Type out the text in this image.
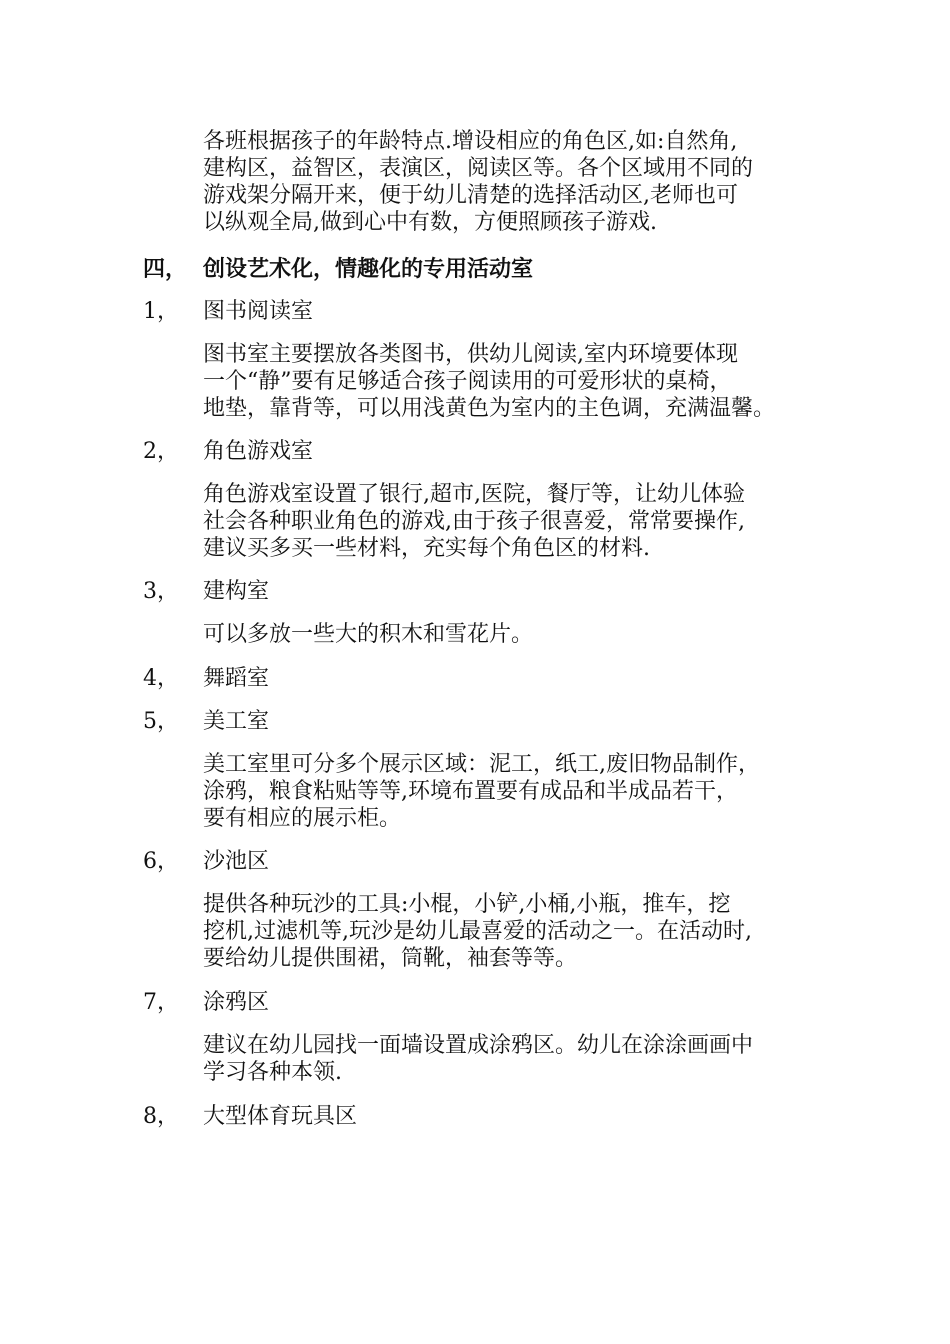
各班根据孩子的年龄特点.增设相应的角色区,如:自然角,
建构区，益智区，表演区，阅读区等。各个区域用不同的
游戏架分隔开来，便于幼儿清楚的选择活动区,老师也可
以纵观全局,做到心中有数，方便照顾孩子游戏.

四， 创设艺术化，情趣化的专用活动室
1， 图书阅读室

图书室主要摆放各类图书，供幼儿阅读,室内环境要体现
一个“静”要有足够适合孩子阅读用的可爱形状的桌椅，
地垫，靠背等，可以用浅黄色为室内的主色调，充满温馨。

2， 角色游戏室

角色游戏室设置了银行,超市,医院，餐厅等，让幼儿体验
社会各种职业角色的游戏,由于孩子很喜爱，常常要操作,
建议买多买一些材料，充实每个角色区的材料.

3， 建构室

可以多放一些大的积木和雪花片。

4， 舞蹈室
5， 美工室

美工室里可分多个展示区域：泥工，纸工,废旧物品制作，
涂鸦，粮食粘贴等等,环境布置要有成品和半成品若干，
要有相应的展示柜。

6， 沙池区

提供各种玩沙的工具:小棍，小铲,小桶,小瓶，推车，挖
挖机,过滤机等,玩沙是幼儿最喜爱的活动之一。在活动时,
要给幼儿提供围裙，筒靴，袖套等等。

7， 涂鸦区

建议在幼儿园找一面墙设置成涂鸦区。幼儿在涂涂画画中
学习各种本领.

8， 大型体育玩具区
